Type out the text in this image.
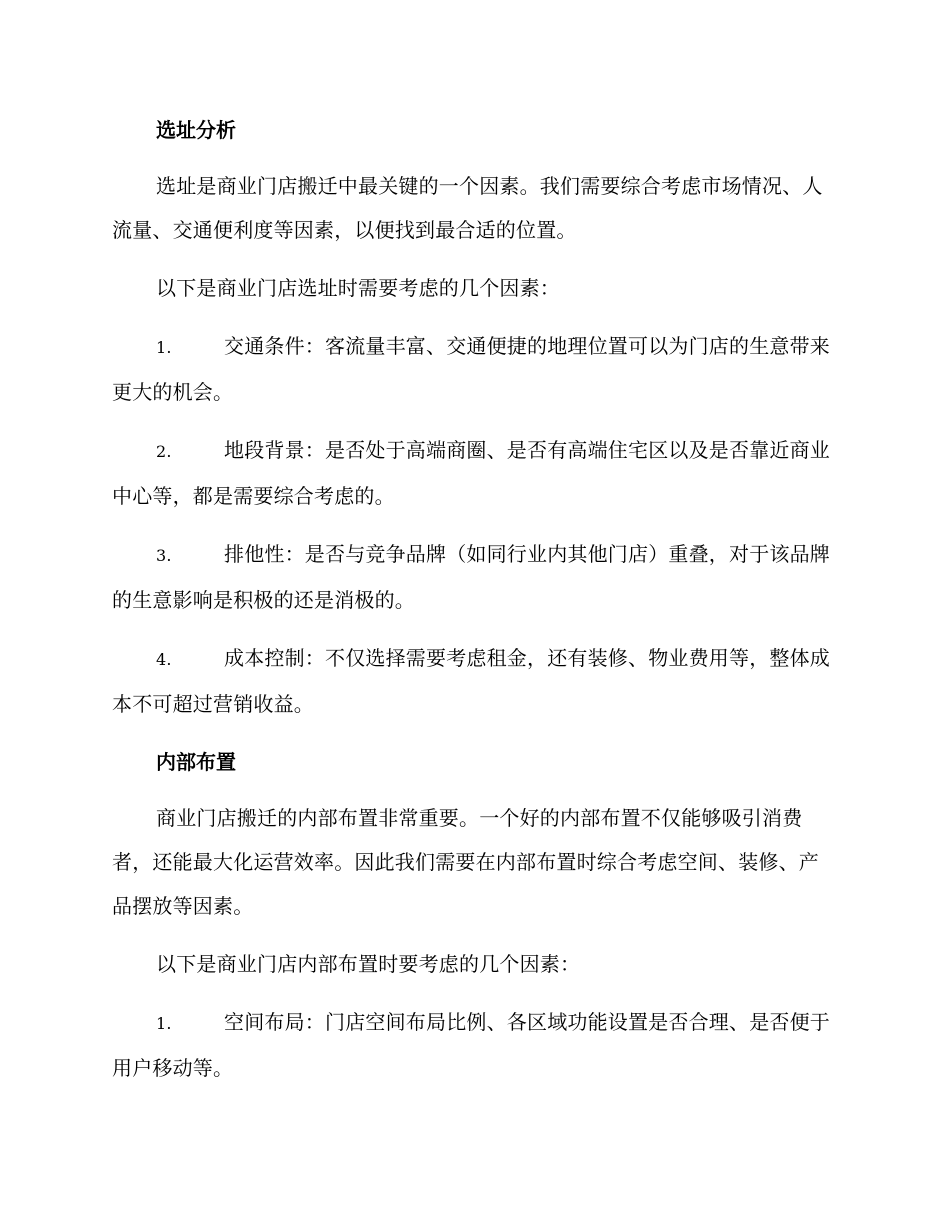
选址分析
选址是商业门店搬迁中最关键的一个因素。我们需要综合考虑市场情况、人流量、交通便利度等因素，以便找到最合适的位置。
以下是商业门店选址时需要考虑的几个因素：
1.	交通条件：客流量丰富、交通便捷的地理位置可以为门店的生意带来更大的机会。
2.	地段背景：是否处于高端商圈、是否有高端住宅区以及是否靠近商业中心等，都是需要综合考虑的。
3.	排他性：是否与竞争品牌（如同行业内其他门店）重叠，对于该品牌的生意影响是积极的还是消极的。
4.	成本控制：不仅选择需要考虑租金，还有装修、物业费用等，整体成本不可超过营销收益。
内部布置
商业门店搬迁的内部布置非常重要。一个好的内部布置不仅能够吸引消费者，还能最大化运营效率。因此我们需要在内部布置时综合考虑空间、装修、产品摆放等因素。
以下是商业门店内部布置时要考虑的几个因素：
1.	空间布局：门店空间布局比例、各区域功能设置是否合理、是否便于用户移动等。
